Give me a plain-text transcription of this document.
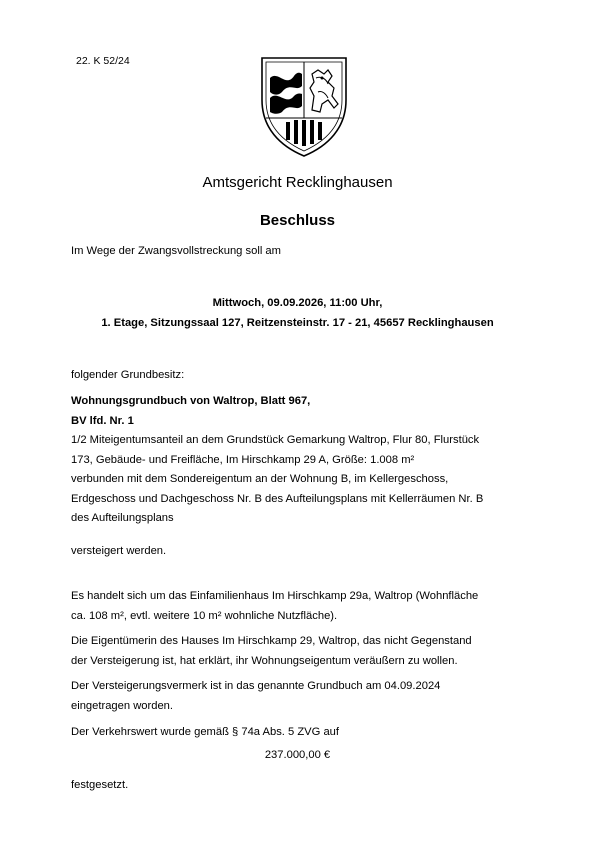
22. K 52/24
Amtsgericht Recklinghausen
Beschluss
Im Wege der Zwangsvollstreckung soll am
Mittwoch, 09.09.2026, 11:00 Uhr,
1. Etage, Sitzungssaal 127, Reitzensteinstr. 17 - 21, 45657 Recklinghausen
folgender Grundbesitz:
Wohnungsgrundbuch von Waltrop, Blatt 967,
BV lfd. Nr. 1
1/2 Miteigentumsanteil an dem Grundstück Gemarkung Waltrop, Flur 80, Flurstück
173, Gebäude- und Freifläche, Im Hirschkamp 29 A, Größe: 1.008 m²
verbunden mit dem Sondereigentum an der Wohnung B, im Kellergeschoss,
Erdgeschoss und Dachgeschoss Nr. B des Aufteilungsplans mit Kellerräumen Nr. B
des Aufteilungsplans
versteigert werden.
Es handelt sich um das Einfamilienhaus Im Hirschkamp 29a, Waltrop (Wohnfläche
ca. 108 m², evtl. weitere 10 m² wohnliche Nutzfläche).
Die Eigentümerin des Hauses Im Hirschkamp 29, Waltrop, das nicht Gegenstand
der Versteigerung ist, hat erklärt, ihr Wohnungseigentum veräußern zu wollen.
Der Versteigerungsvermerk ist in das genannte Grundbuch am 04.09.2024
eingetragen worden.
Der Verkehrswert wurde gemäß § 74a Abs. 5 ZVG auf
237.000,00 €
festgesetzt.
